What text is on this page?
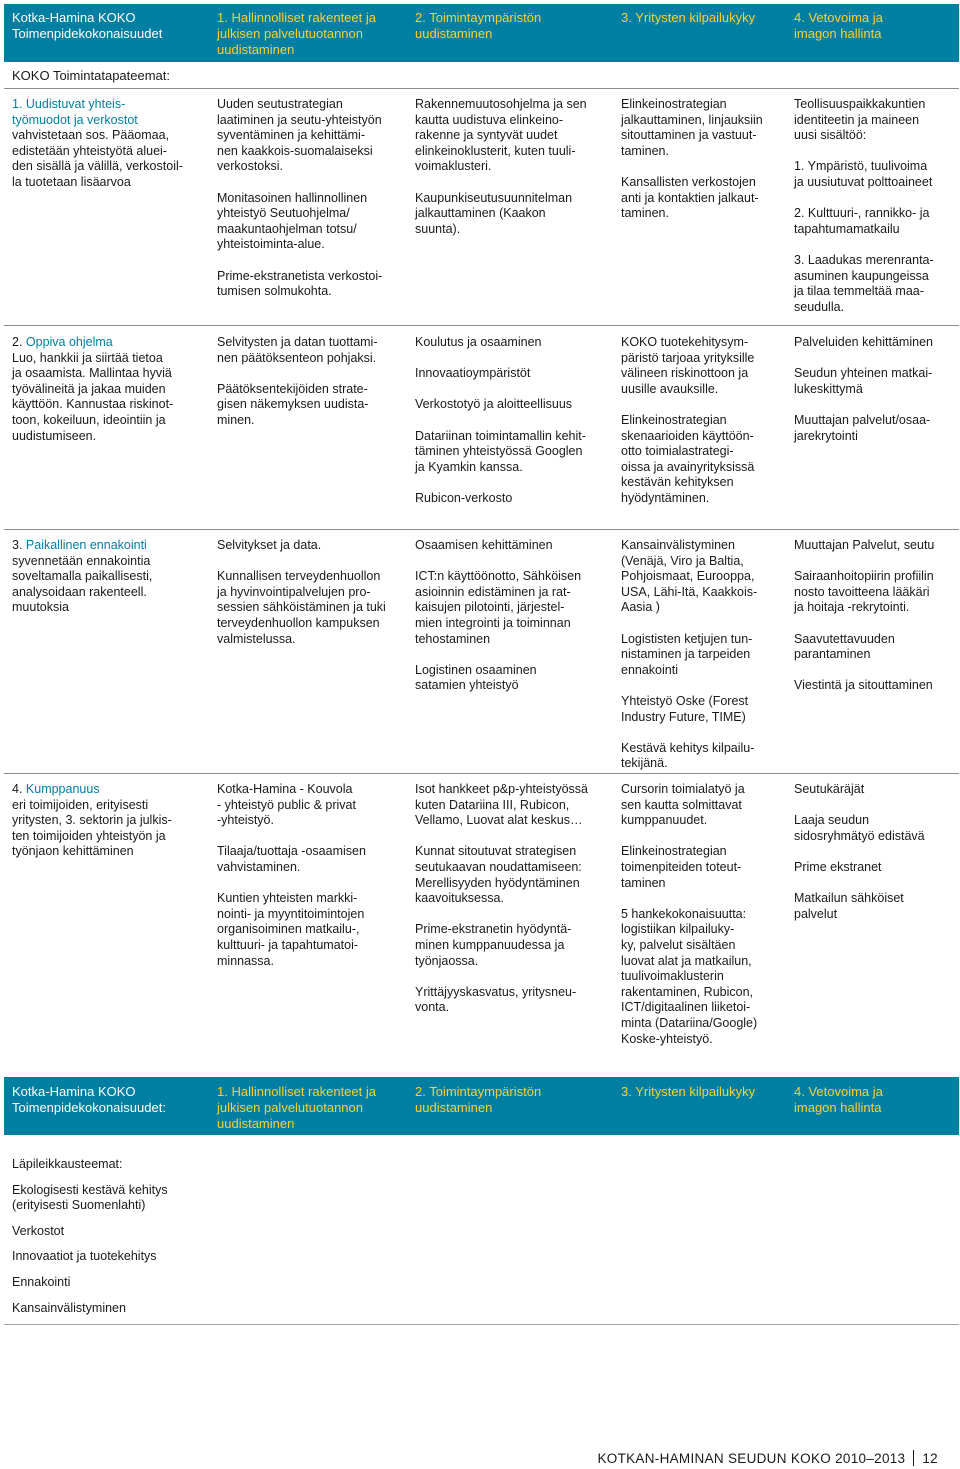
Kotka-Hamina KOKO
Toimenpidekokonaisuudet
1. Hallinnolliset rakenteet ja
julkisen palvelutuotannon
uudistaminen
2. Toimintaympäristön
uudistaminen
3. Yritysten kilpailukyky	4. Vetovoima ja
imagon hallinta
KOKO Toimintatapateemat:
1. Uudistuvat yhteis-
työmuodot ja verkostot
vahvistetaan sos. Pääomaa,
edistetään yhteistyötä aluei-
den sisällä ja välillä, verkostoil-
la tuotetaan lisäarvoa

Uuden seutustrategian
laatiminen ja seutu-yhteistyön
syventäminen ja kehittämi-
nen kaakkois-suomalaiseksi
verkostoksi.

Monitasoinen hallinnollinen
yhteistyö Seutuohjelma/
maakuntaohjelman totsu/
yhteistoiminta-alue.

Prime-ekstranetista verkostoi-
tumisen solmukohta.

Rakennemuutosohjelma ja sen
kautta uudistuva elinkeino-
rakenne ja syntyvät uudet
elinkeinoklusterit, kuten tuuli-
voimaklusteri.

Kaupunkiseutusuunnitelman
jalkauttaminen (Kaakon
suunta).

Elinkeinostrategian
jalkauttaminen, linjauksiin
sitouttaminen ja vastuut-
taminen.

Kansallisten verkostojen
anti ja kontaktien jalkaut-
taminen.

Teollisuuspaikkakuntien
identiteetin ja maineen
uusi sisältöö:

1. Ympäristö, tuulivoima
ja uusiutuvat polttoaineet

2. Kulttuuri-, rannikko- ja
tapahtumamatkailu

3. Laadukas merenranta-
asuminen kaupungeissa
ja tilaa temmeltää maa-
seudulla.

2. Oppiva ohjelma
Luo, hankkii ja siirtää tietoa
ja osaamista. Mallintaa hyviä
työvälineitä ja jakaa muiden
käyttöön. Kannustaa riskinot-
toon, kokeiluun, ideointiin ja
uudistumiseen.

Selvitysten ja datan tuottami-
nen päätöksenteon pohjaksi.

Päätöksentekijöiden strate-
gisen näkemyksen uudista-
minen.

Koulutus ja osaaminen

Innovaatioympäristöt

Verkostotyö ja aloitteellisuus

Datariinan toimintamallin kehit-
täminen yhteistyössä Googlen
ja Kyamkin kanssa.

Rubicon-verkosto

KOKO tuotekehitysym-
päristö tarjoaa yrityksille
välineen riskinottoon ja
uusille avauksille.

Elinkeinostrategian
skenaarioiden käyttöön-
otto toimialastrategi-
oissa ja avainyrityksissä
kestävän kehityksen
hyödyntäminen.

Palveluiden kehittäminen

Seudun yhteinen matkai-
lukeskittymä

Muuttajan palvelut/osaa-
jarekrytointi

3. Paikallinen ennakointi
syvennetään ennakointia
soveltamalla paikallisesti,
analysoidaan rakenteell.
muutoksia

Selvitykset ja data.

Kunnallisen terveydenhuollon
ja hyvinvointipalvelujen pro-
sessien sähköistäminen ja tuki
terveydenhuollon kampuksen
valmistelussa.

Osaamisen kehittäminen

ICT:n käyttöönotto, Sähköisen
asioinnin edistäminen ja rat-
kaisujen pilotointi, järjestel-
mien integrointi ja toiminnan
tehostaminen

Logistinen osaaminen
satamien yhteistyö

Kansainvälistyminen
(Venäjä, Viro ja Baltia,
Pohjoismaat, Eurooppa,
USA, Lähi-Itä, Kaakkois-
Aasia )

Logististen ketjujen tun-
nistaminen ja tarpeiden
ennakointi

Yhteistyö Oske (Forest
Industry Future, TIME)

Kestävä kehitys kilpailu-
tekijänä.

Muuttajan Palvelut, seutu

Sairaanhoitopiirin profiilin
nosto tavoitteena lääkäri
ja hoitaja -rekrytointi.

Saavutettavuuden
parantaminen

Viestintä ja sitouttaminen

4. Kumppanuus
eri toimijoiden, erityisesti
yritysten, 3. sektorin ja julkis-
ten toimijoiden yhteistyön ja
työnjaon kehittäminen

Kotka-Hamina - Kouvola
- yhteistyö public & privat
-yhteistyö.

Tilaaja/tuottaja -osaamisen
vahvistaminen.

Kuntien yhteisten markki-
nointi- ja myyntitoimintojen
organisoiminen matkailu-,
kulttuuri- ja tapahtumatoi-
minnassa.

Isot hankkeet p&p-yhteistyössä
kuten Datariina III, Rubicon,
Vellamo, Luovat alat keskus…

Kunnat sitoutuvat strategisen
seutukaavan noudattamiseen:
Merellisyyden hyödyntäminen
kaavoituksessa.

Prime-ekstranetin hyödyntä-
minen kumppanuudessa ja
työnjaossa.

Yrittäjyyskasvatus, yritysneu-
vonta.

Cursorin toimialatyö ja
sen kautta solmittavat
kumppanuudet.

Elinkeinostrategian
toimenpiteiden toteut-
taminen

5 hankekokonaisuutta:
logistiikan kilpailuky-
ky, palvelut sisältäen
luovat alat ja matkailun,
tuulivoimaklusterin
rakentaminen, Rubicon,
ICT/digitaalinen liiketoi-
minta (Datariina/Google)
Koske-yhteistyö.

Seutukäräjät

Laaja seudun
sidosryhmätyö edistävä

Prime ekstranet

Matkailun sähköiset
palvelut

Kotka-Hamina KOKO
Toimenpidekokonaisuudet:
1. Hallinnolliset rakenteet ja
julkisen palvelutuotannon
uudistaminen
2. Toimintaympäristön
uudistaminen
3. Yritysten kilpailukyky	4. Vetovoima ja
imagon hallinta

Läpileikkausteemat:

Ekologisesti kestävä kehitys
(erityisesti Suomenlahti)

Verkostot

Innovaatiot ja tuotekehitys

Ennakointi

Kansainvälistyminen

KOTKAN-HAMINAN SEUDUN KOKO 2010–2013 12
